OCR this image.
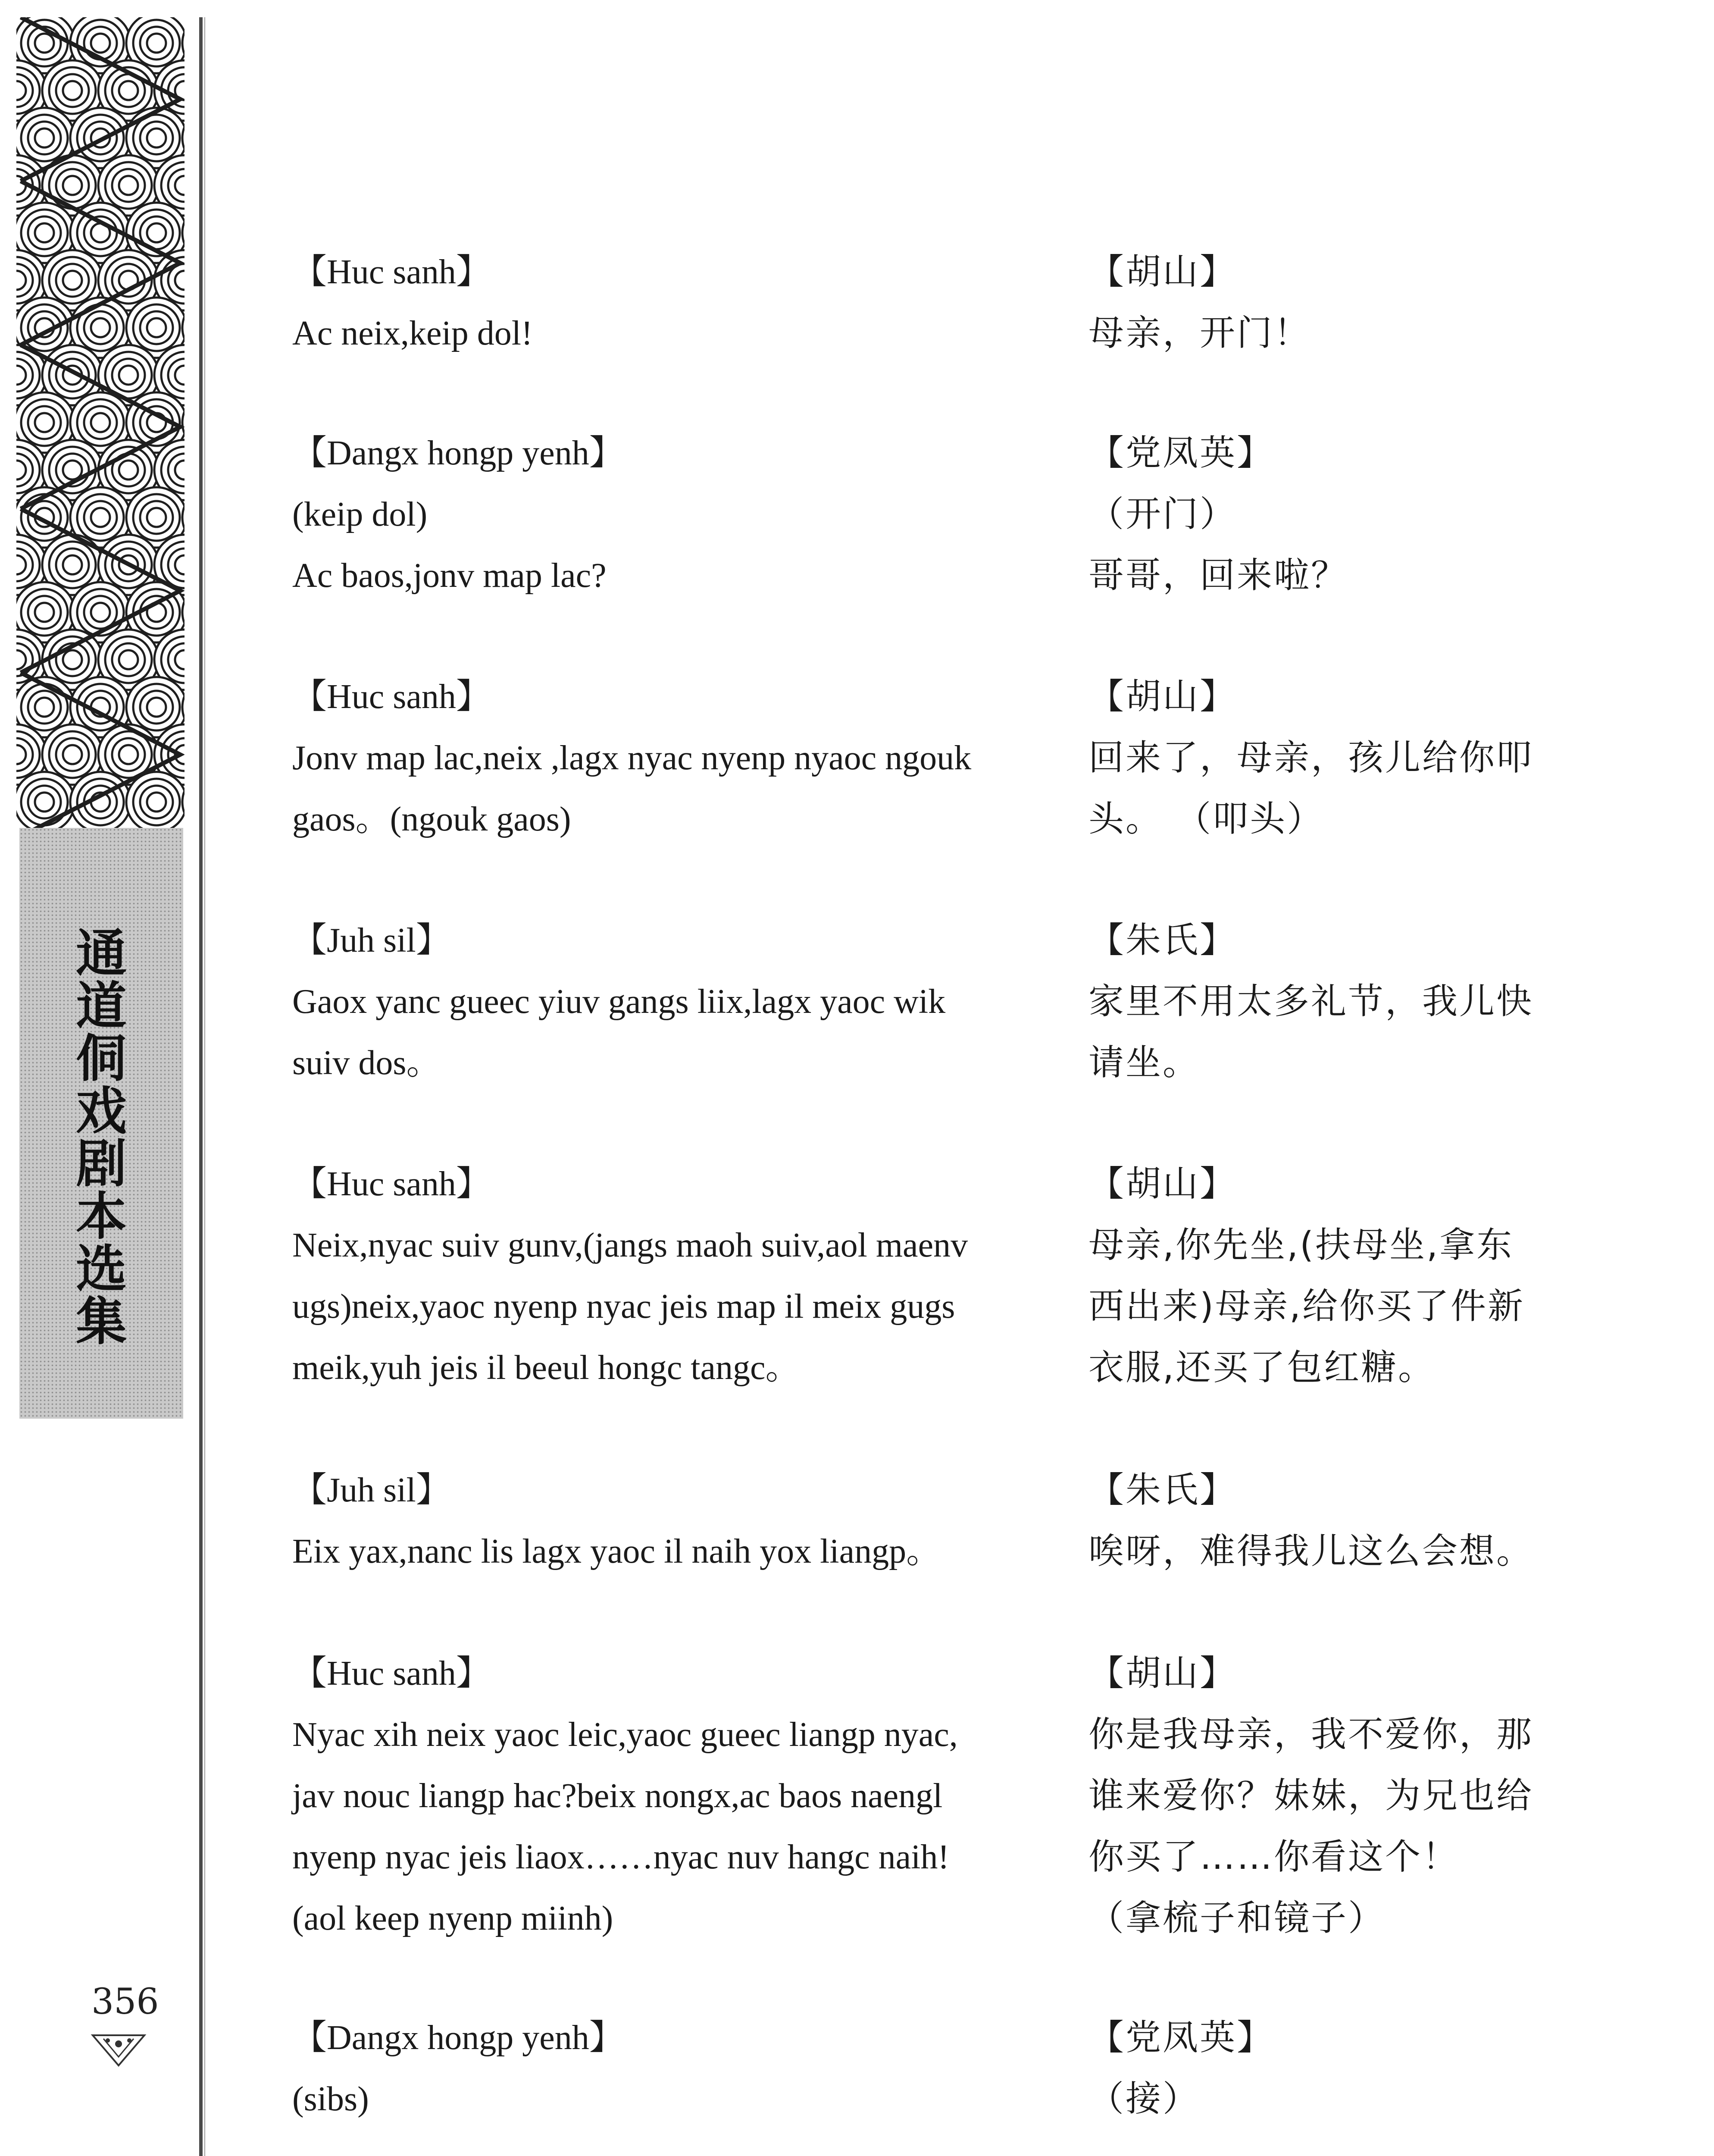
通
道
侗
戏
剧
本
选
集
356
【Huc sanh】
Ac neix,keip dol!
【胡山】
母亲，开门！
【Dangx hongp yenh】
(keip dol)
Ac baos,jonv map lac?
【党凤英】
（开门）
哥哥，回来啦？
【Huc sanh】
Jonv map lac,neix ,lagx nyac nyenp nyaoc ngouk
gaos。(ngouk gaos)
【胡山】
回来了，母亲，孩儿给你叩
头。 （叩头）
【Juh sil】
Gaox yanc gueec yiuv gangs liix,lagx yaoc wik
suiv dos。
【朱氏】
家里不用太多礼节，我儿快
请坐。
【Huc sanh】
Neix,nyac suiv gunv,(jangs maoh suiv,aol maenv
ugs)neix,yaoc nyenp nyac jeis map il meix gugs
meik,yuh jeis il beeul hongc tangc。
【胡山】
母亲,你先坐,(扶母坐,拿东
西出来)母亲,给你买了件新
衣服,还买了包红糖。
【Juh sil】
Eix yax,nanc lis lagx yaoc il naih yox liangp。
【朱氏】
唉呀，难得我儿这么会想。
【Huc sanh】
Nyac xih neix yaoc leic,yaoc gueec liangp nyac,
jav nouc liangp hac?beix nongx,ac baos naengl
nyenp nyac jeis liaox……nyac nuv hangc naih!
(aol keep nyenp miinh)
【胡山】
你是我母亲，我不爱你，那
谁来爱你？妹妹，为兄也给
你买了……你看这个！
（拿梳子和镜子）
【Dangx hongp yenh】
(sibs)
【党凤英】
（接）
